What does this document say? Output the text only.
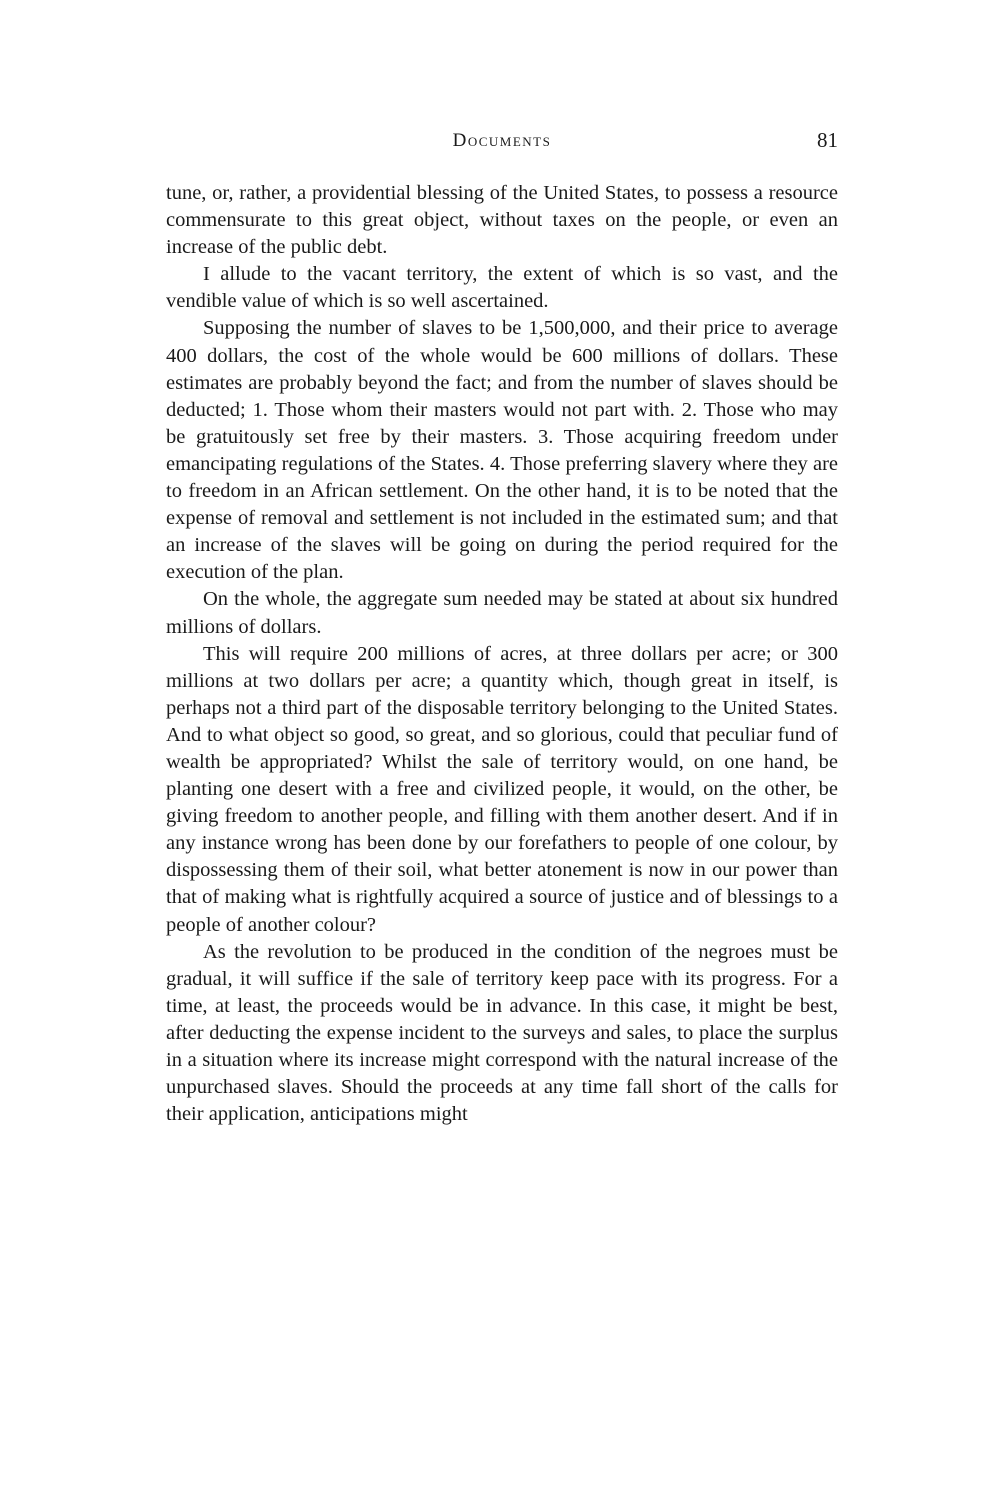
Documents	81

tune, or, rather, a providential blessing of the United States, to possess a resource commensurate to this great object, without taxes on the people, or even an increase of the public debt.

I allude to the vacant territory, the extent of which is so vast, and the vendible value of which is so well ascertained.

Supposing the number of slaves to be 1,500,000, and their price to average 400 dollars, the cost of the whole would be 600 millions of dollars. These estimates are probably beyond the fact; and from the number of slaves should be deducted; 1. Those whom their masters would not part with. 2. Those who may be gratuitously set free by their masters. 3. Those acquiring freedom under emancipating regulations of the States. 4. Those preferring slavery where they are to freedom in an African settlement. On the other hand, it is to be noted that the expense of removal and settlement is not included in the estimated sum; and that an increase of the slaves will be going on during the period required for the execution of the plan.

On the whole, the aggregate sum needed may be stated at about six hundred millions of dollars.

This will require 200 millions of acres, at three dollars per acre; or 300 millions at two dollars per acre; a quantity which, though great in itself, is perhaps not a third part of the disposable territory belonging to the United States. And to what object so good, so great, and so glorious, could that peculiar fund of wealth be appropriated? Whilst the sale of territory would, on one hand, be planting one desert with a free and civilized people, it would, on the other, be giving freedom to another people, and filling with them another desert. And if in any instance wrong has been done by our forefathers to people of one colour, by dispossessing them of their soil, what better atonement is now in our power than that of making what is rightfully acquired a source of justice and of blessings to a people of another colour?

As the revolution to be produced in the condition of the negroes must be gradual, it will suffice if the sale of territory keep pace with its progress. For a time, at least, the proceeds would be in advance. In this case, it might be best, after deducting the expense incident to the surveys and sales, to place the surplus in a situation where its increase might correspond with the natural increase of the unpurchased slaves. Should the proceeds at any time fall short of the calls for their application, anticipations might
